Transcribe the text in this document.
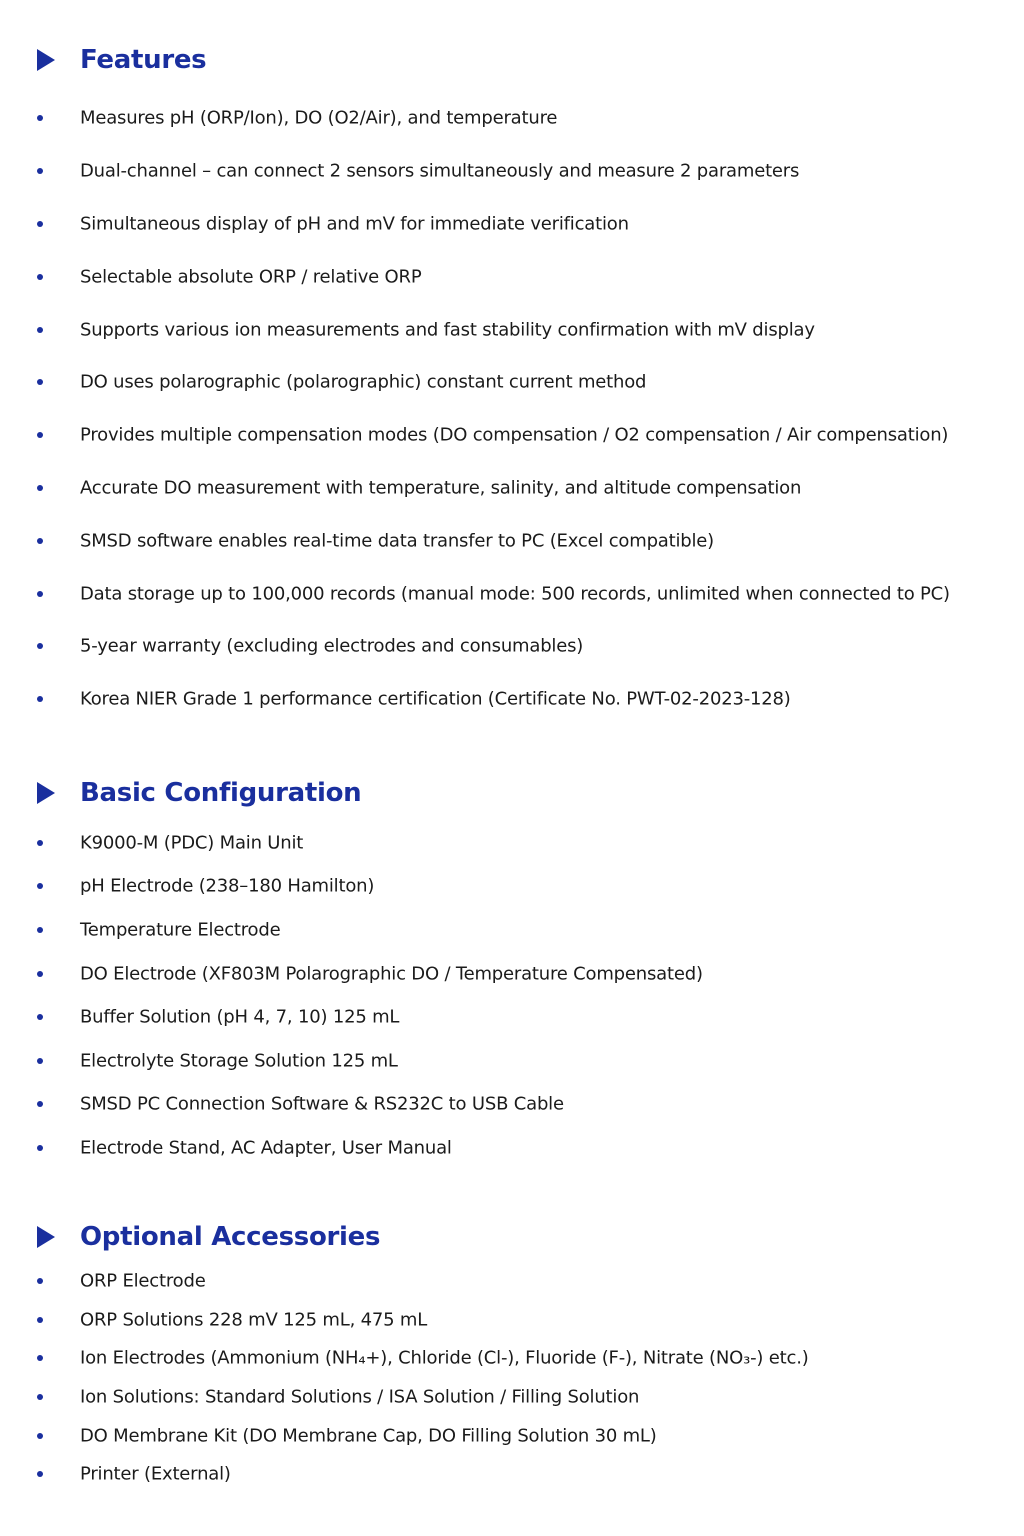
Features
Measures pH (ORP/Ion), DO (O2/Air), and temperature
Dual-channel – can connect 2 sensors simultaneously and measure 2 parameters
Simultaneous display of pH and mV for immediate verification
Selectable absolute ORP / relative ORP
Supports various ion measurements and fast stability confirmation with mV display
DO uses polarographic (polarographic) constant current method
Provides multiple compensation modes (DO compensation / O2 compensation / Air compensation)
Accurate DO measurement with temperature, salinity, and altitude compensation
SMSD software enables real-time data transfer to PC (Excel compatible)
Data storage up to 100,000 records (manual mode: 500 records, unlimited when connected to PC)
5-year warranty (excluding electrodes and consumables)
Korea NIER Grade 1 performance certification (Certificate No. PWT-02-2023-128)
Basic Configuration
K9000-M (PDC) Main Unit
pH Electrode (238–180 Hamilton)
Temperature Electrode
DO Electrode (XF803M Polarographic DO / Temperature Compensated)
Buffer Solution (pH 4, 7, 10) 125 mL
Electrolyte Storage Solution 125 mL
SMSD PC Connection Software & RS232C to USB Cable
Electrode Stand, AC Adapter, User Manual
Optional Accessories
ORP Electrode
ORP Solutions 228 mV 125 mL, 475 mL
Ion Electrodes (Ammonium (NH₄+), Chloride (Cl-), Fluoride (F-), Nitrate (NO₃-) etc.)
Ion Solutions: Standard Solutions / ISA Solution / Filling Solution
DO Membrane Kit (DO Membrane Cap, DO Filling Solution 30 mL)
Printer (External)
